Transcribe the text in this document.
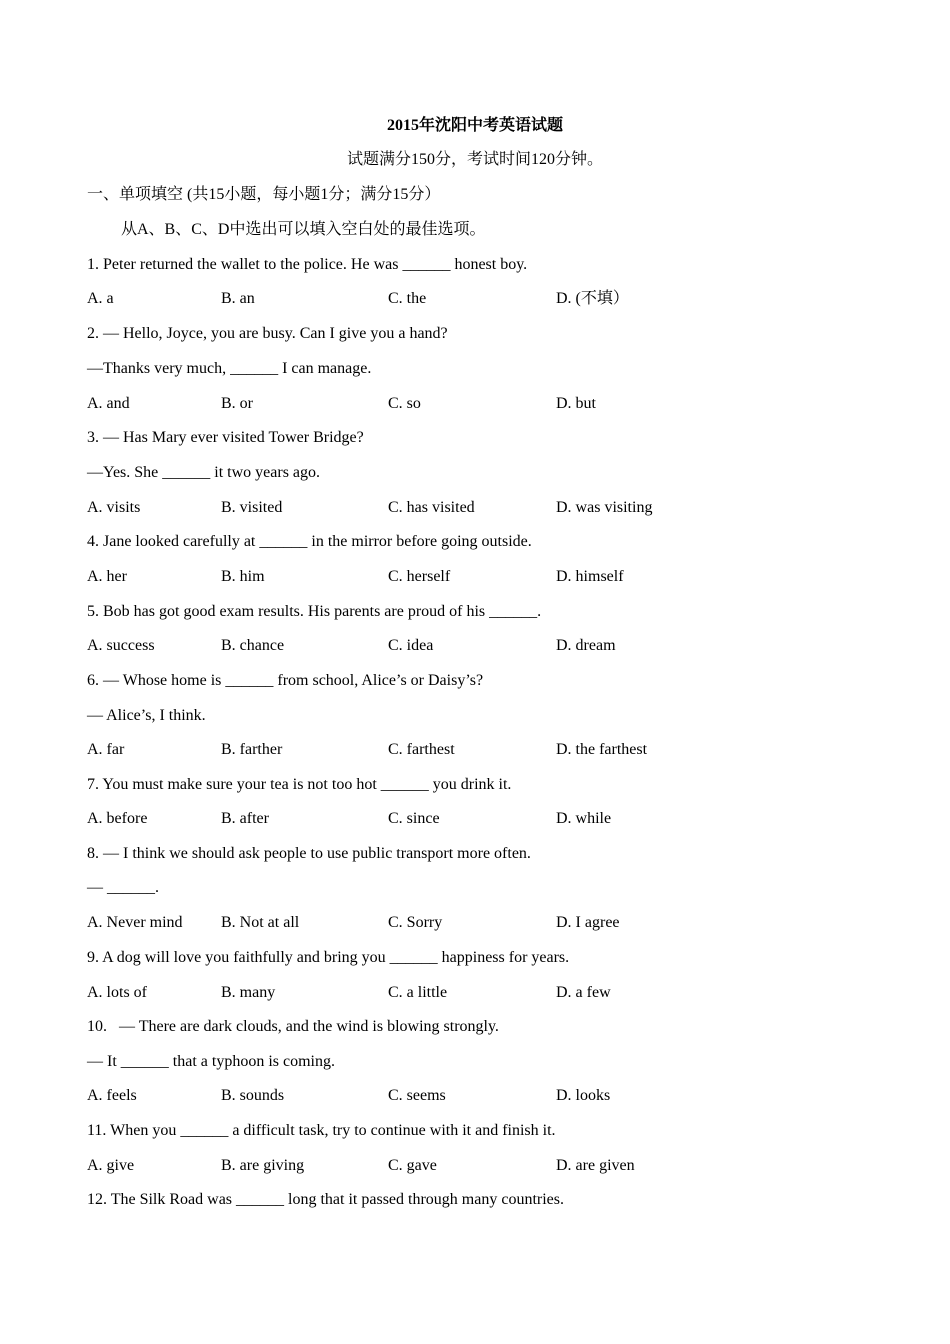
2015年沈阳中考英语试题
试题满分150分，考试时间120分钟。
一、单项填空 (共15小题，每小题1分；满分15分）
从A、B、C、D中选出可以填入空白处的最佳选项。
1. Peter returned the wallet to the police. He was ______ honest boy.
A. a	B. an	C. the	D. (不填）
2. — Hello, Joyce, you are busy. Can I give you a hand?
—Thanks very much, ______ I can manage.
A. and	B. or	C. so	D. but
3. — Has Mary ever visited Tower Bridge?
—Yes. She ______ it two years ago.
A. visits	B. visited	C. has visited	D. was visiting
4. Jane looked carefully at ______ in the mirror before going outside.
A. her	B. him	C. herself	D. himself
5. Bob has got good exam results. His parents are proud of his ______.
A. success	B. chance	C. idea	D. dream
6. — Whose home is ______ from school, Alice’s or Daisy’s?
— Alice’s, I think.
A. far	B. farther	C. farthest	D. the farthest
7. You must make sure your tea is not too hot ______ you drink it.
A. before	B. after	C. since	D. while
8. — I think we should ask people to use public transport more often.
— ______.
A. Never mind B. Not at all	C. Sorry	D. I agree
9. A dog will love you faithfully and bring you ______ happiness for years.
A. lots of	B. many	C. a little	D. a few
10.   — There are dark clouds, and the wind is blowing strongly.
— It ______ that a typhoon is coming.
A. feels	B. sounds	C. seems	D. looks
11. When you ______ a difficult task, try to continue with it and finish it.
A. give	B. are giving	C. gave	D. are given
12. The Silk Road was ______ long that it passed through many countries.
